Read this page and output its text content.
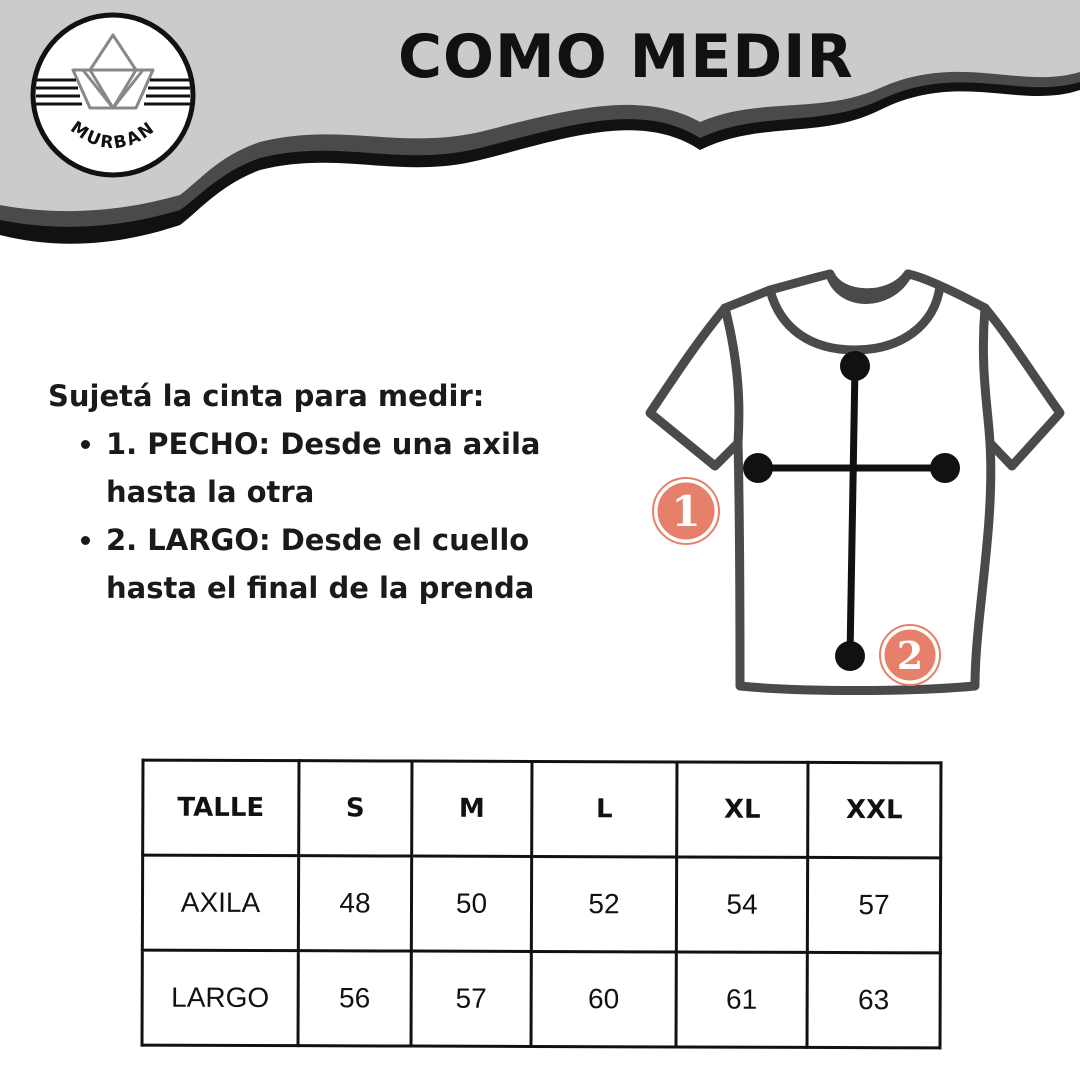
MURBAN
COMO MEDIR

Sujetá la cinta para medir:

• 1. PECHO: Desde una axila hasta la otra
• 2. LARGO: Desde el cuello hasta el final de la prenda
1
2
TALLE	S	M	L	XL	XXL
AXILA	48	50	52	54	57
LARGO	56	57	60	61	63
